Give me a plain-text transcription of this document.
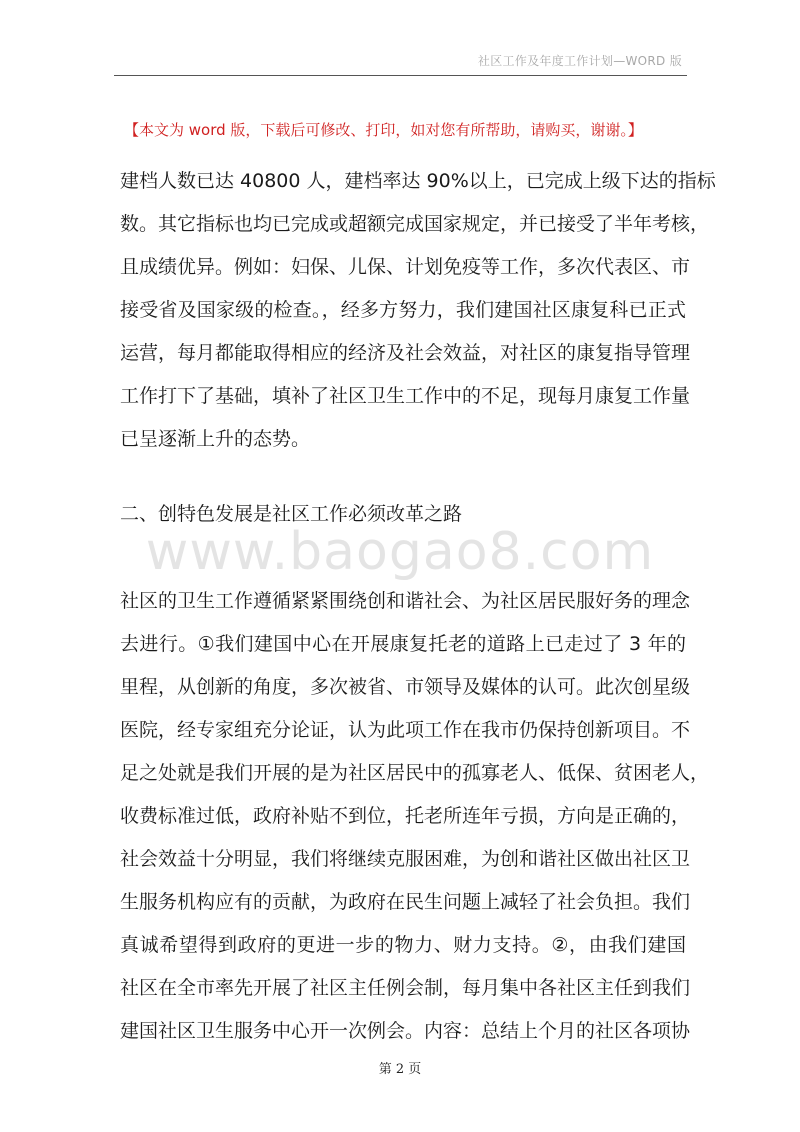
社区工作及年度工作计划—WORD 版
【本文为 word 版，下载后可修改、打印，如对您有所帮助，请购买，谢谢。】
建档人数已达 40800 人，建档率达 90%以上，已完成上级下达的指标
数。其它指标也均已完成或超额完成国家规定，并已接受了半年考核，
且成绩优异。例如：妇保、儿保、计划免疫等工作，多次代表区、市
接受省及国家级的检查。，经多方努力，我们建国社区康复科已正式
运营，每月都能取得相应的经济及社会效益，对社区的康复指导管理
工作打下了基础，填补了社区卫生工作中的不足，现每月康复工作量
已呈逐渐上升的态势。
二、创特色发展是社区工作必须改革之路
www.baogao8.com
社区的卫生工作遵循紧紧围绕创和谐社会、为社区居民服好务的理念
去进行。①我们建国中心在开展康复托老的道路上已走过了 3 年的
里程，从创新的角度，多次被省、市领导及媒体的认可。此次创星级
医院，经专家组充分论证，认为此项工作在我市仍保持创新项目。不
足之处就是我们开展的是为社区居民中的孤寡老人、低保、贫困老人，
收费标准过低，政府补贴不到位，托老所连年亏损，方向是正确的，
社会效益十分明显，我们将继续克服困难，为创和谐社区做出社区卫
生服务机构应有的贡献，为政府在民生问题上减轻了社会负担。我们
真诚希望得到政府的更进一步的物力、财力支持。②，由我们建国
社区在全市率先开展了社区主任例会制，每月集中各社区主任到我们
建国社区卫生服务中心开一次例会。内容：总结上个月的社区各项协
第 2 页
